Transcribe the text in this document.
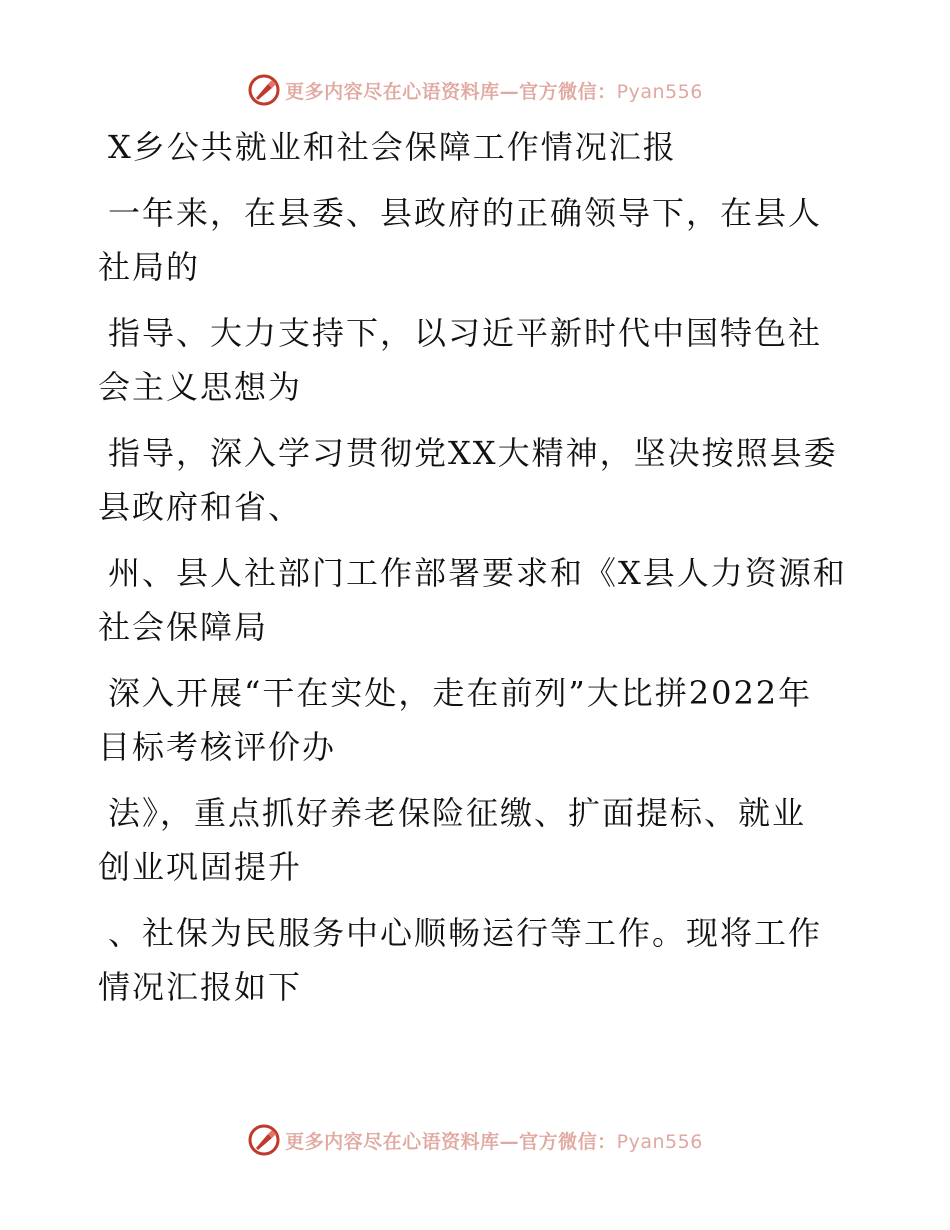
更多内容尽在心语资料库—官方微信：Pyan556
X乡公共就业和社会保障工作情况汇报
一年来，在县委、县政府的正确领导下，在县人
社局的
指导、大力支持下，以习近平新时代中国特色社
会主义思想为
指导，深入学习贯彻党XX大精神，坚决按照县委
县政府和省、
州、县人社部门工作部署要求和《X县人力资源和
社会保障局
深入开展“干在实处，走在前列”大比拼2022年
目标考核评价办
法》，重点抓好养老保险征缴、扩面提标、就业
创业巩固提升
、社保为民服务中心顺畅运行等工作。现将工作
情况汇报如下
更多内容尽在心语资料库—官方微信：Pyan556
